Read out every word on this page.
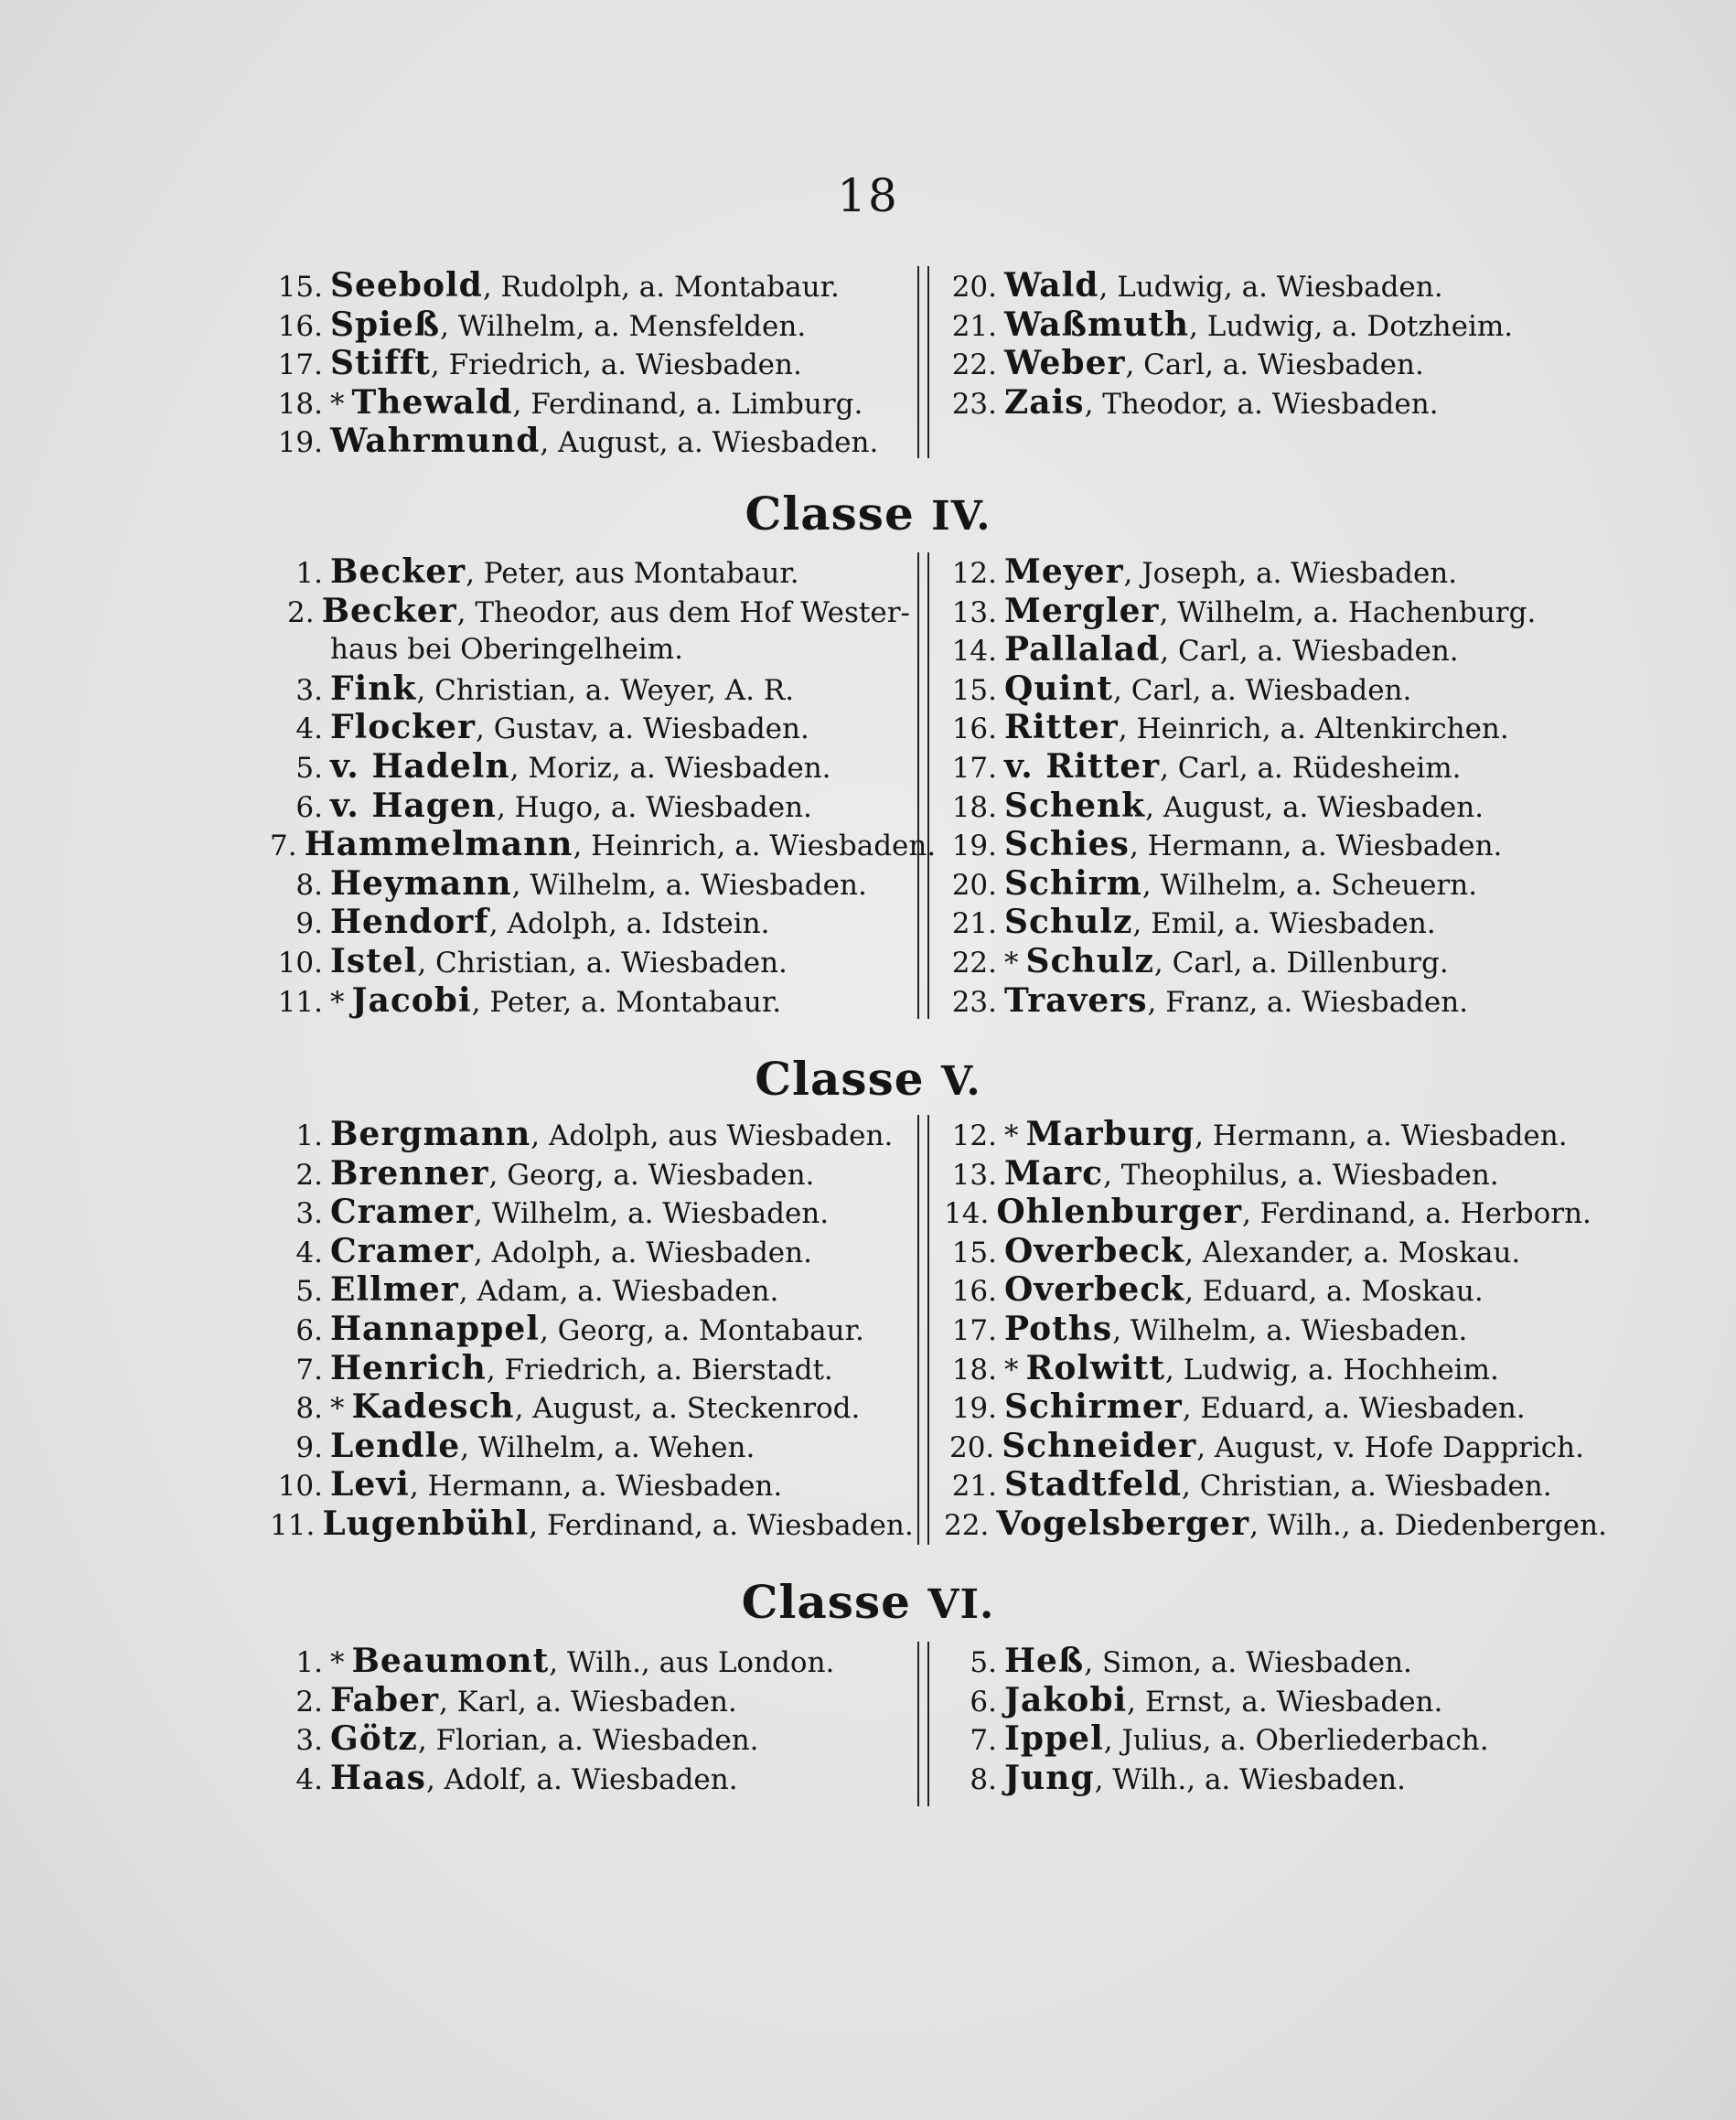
18
15. Seebold , Rudolph, a. Montabaur.
16. Spieß , Wilhelm, a. Mensfelden.
17. Stifft , Friedrich, a. Wiesbaden.
18. * Thewald , Ferdinand, a. Limburg.
19. Wahrmund , August, a. Wiesbaden.
20. Wald , Ludwig, a. Wiesbaden.
21. Waßmuth , Ludwig, a. Dotzheim.
22. Weber , Carl, a. Wiesbaden.
23. Zais , Theodor, a. Wiesbaden.
Classe IV.
1. Becker , Peter, aus Montabaur.
2. Becker , Theodor, aus dem Hof Wester-
haus bei Oberingelheim.
3. Fink , Christian, a. Weyer, A. R.
4. Flocker , Gustav, a. Wiesbaden.
5. v. Hadeln , Moriz, a. Wiesbaden.
6. v. Hagen , Hugo, a. Wiesbaden.
7. Hammelmann , Heinrich, a. Wiesbaden.
8. Heymann , Wilhelm, a. Wiesbaden.
9. Hendorf , Adolph, a. Idstein.
10. Istel , Christian, a. Wiesbaden.
11. * Jacobi , Peter, a. Montabaur.
12. Meyer , Joseph, a. Wiesbaden.
13. Mergler , Wilhelm, a. Hachenburg.
14. Pallalad , Carl, a. Wiesbaden.
15. Quint , Carl, a. Wiesbaden.
16. Ritter , Heinrich, a. Altenkirchen.
17. v. Ritter , Carl, a. Rüdesheim.
18. Schenk , August, a. Wiesbaden.
19. Schies , Hermann, a. Wiesbaden.
20. Schirm , Wilhelm, a. Scheuern.
21. Schulz , Emil, a. Wiesbaden.
22. * Schulz , Carl, a. Dillenburg.
23. Travers , Franz, a. Wiesbaden.
Classe V.
1. Bergmann , Adolph, aus Wiesbaden.
2. Brenner , Georg, a. Wiesbaden.
3. Cramer , Wilhelm, a. Wiesbaden.
4. Cramer , Adolph, a. Wiesbaden.
5. Ellmer , Adam, a. Wiesbaden.
6. Hannappel , Georg, a. Montabaur.
7. Henrich , Friedrich, a. Bierstadt.
8. * Kadesch , August, a. Steckenrod.
9. Lendle , Wilhelm, a. Wehen.
10. Levi , Hermann, a. Wiesbaden.
11. Lugenbühl , Ferdinand, a. Wiesbaden.
12. * Marburg , Hermann, a. Wiesbaden.
13. Marc , Theophilus, a. Wiesbaden.
14. Ohlenburger , Ferdinand, a. Herborn.
15. Overbeck , Alexander, a. Moskau.
16. Overbeck , Eduard, a. Moskau.
17. Poths , Wilhelm, a. Wiesbaden.
18. * Rolwitt , Ludwig, a. Hochheim.
19. Schirmer , Eduard, a. Wiesbaden.
20. Schneider , August, v. Hofe Dapprich.
21. Stadtfeld , Christian, a. Wiesbaden.
22. Vogelsberger , Wilh., a. Diedenbergen.
Classe VI.
1. * Beaumont , Wilh., aus London.
2. Faber , Karl, a. Wiesbaden.
3. Götz , Florian, a. Wiesbaden.
4. Haas , Adolf, a. Wiesbaden.
5. Heß , Simon, a. Wiesbaden.
6. Jakobi , Ernst, a. Wiesbaden.
7. Ippel , Julius, a. Oberliederbach.
8. Jung , Wilh., a. Wiesbaden.
